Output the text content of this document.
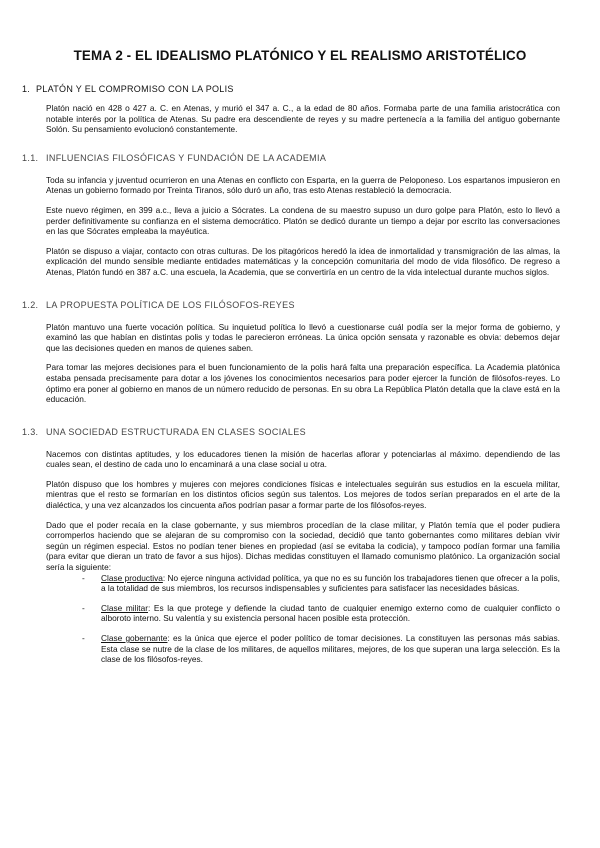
TEMA 2 - EL IDEALISMO PLATÓNICO Y EL REALISMO ARISTOTÉLICO
1. PLATÓN Y EL COMPROMISO CON LA POLIS

Platón nació en 428 o 427 a. C. en Atenas, y murió el 347 a. C., a la edad de 80 años. Formaba parte de una familia aristocrática con notable interés por la política de Atenas. Su padre era descendiente de reyes y su madre pertenecía a la familia del antiguo gobernante Solón. Su pensamiento evolucionó constantemente.

1.1. INFLUENCIAS FILOSÓFICAS Y FUNDACIÓN DE LA ACADEMIA

Toda su infancia y juventud ocurrieron en una Atenas en conflicto con Esparta, en la guerra de Peloponeso. Los espartanos impusieron en Atenas un gobierno formado por Treinta Tiranos, sólo duró un año, tras esto Atenas restableció la democracia.

Este nuevo régimen, en 399 a.c., lleva a juicio a Sócrates. La condena de su maestro supuso un duro golpe para Platón, esto lo llevó a perder definitivamente su confianza en el sistema democrático. Platón se dedicó durante un tiempo a dejar por escrito las conversaciones en las que Sócrates empleaba la mayéutica.

Platón se dispuso a viajar, contacto con otras culturas. De los pitagóricos heredó la idea de inmortalidad y transmigración de las almas, la explicación del mundo sensible mediante entidades matemáticas y la concepción comunitaria del modo de vida filosófico. De regreso a Atenas, Platón fundó en 387 a.C. una escuela, la Academia, que se convertiría en un centro de la vida intelectual durante muchos siglos.

1.2. LA PROPUESTA POLÍTICA DE LOS FILÓSOFOS-REYES

Platón mantuvo una fuerte vocación política. Su inquietud política lo llevó a cuestionarse cuál podía ser la mejor forma de gobierno, y examinó las que habían en distintas polis y todas le parecieron erróneas. La única opción sensata y razonable es obvia: debemos dejar que las decisiones queden en manos de quienes saben.

Para tomar las mejores decisiones para el buen funcionamiento de la polis hará falta una preparación específica. La Academia platónica estaba pensada precisamente para dotar a los jóvenes los conocimientos necesarios para poder ejercer la función de filósofos-reyes. Lo óptimo era poner al gobierno en manos de un número reducido de personas. En su obra La República Platón detalla que la clave está en la educación.

1.3. UNA SOCIEDAD ESTRUCTURADA EN CLASES SOCIALES

Nacemos con distintas aptitudes, y los educadores tienen la misión de hacerlas aflorar y potenciarlas al máximo. dependiendo de las cuales sean, el destino de cada uno lo encaminará a una clase social u otra.

Platón dispuso que los hombres y mujeres con mejores condiciones físicas e intelectuales seguirán sus estudios en la escuela militar, mientras que el resto se formarían en los distintos oficios según sus talentos. Los mejores de todos serían preparados en el arte de la dialéctica, y una vez alcanzados los cincuenta años podrían pasar a formar parte de los filósofos-reyes.

Dado que el poder recaía en la clase gobernante, y sus miembros procedían de la clase militar, y Platón temía que el poder pudiera corromperlos haciendo que se alejaran de su compromiso con la sociedad, decidió que tanto gobernantes como militares debían vivir según un régimen especial. Estos no podían tener bienes en propiedad (así se evitaba la codicia), y tampoco podían formar una familia (para evitar que dieran un trato de favor a sus hijos). Dichas medidas constituyen el llamado comunismo platónico. La organización social sería la siguiente:

- Clase productiva: No ejerce ninguna actividad política, ya que no es su función los trabajadores tienen que ofrecer a la polis, a la totalidad de sus miembros, los recursos indispensables y suficientes para satisfacer las necesidades básicas.
- Clase militar: Es la que protege y defiende la ciudad tanto de cualquier enemigo externo como de cualquier conflicto o alboroto interno. Su valentía y su existencia personal hacen posible esta protección.
- Clase gobernante: es la única que ejerce el poder político de tomar decisiones. La constituyen las personas más sabias. Esta clase se nutre de la clase de los militares, de aquellos militares, mejores, de los que superan una larga selección. Es la clase de los filósofos-reyes.
